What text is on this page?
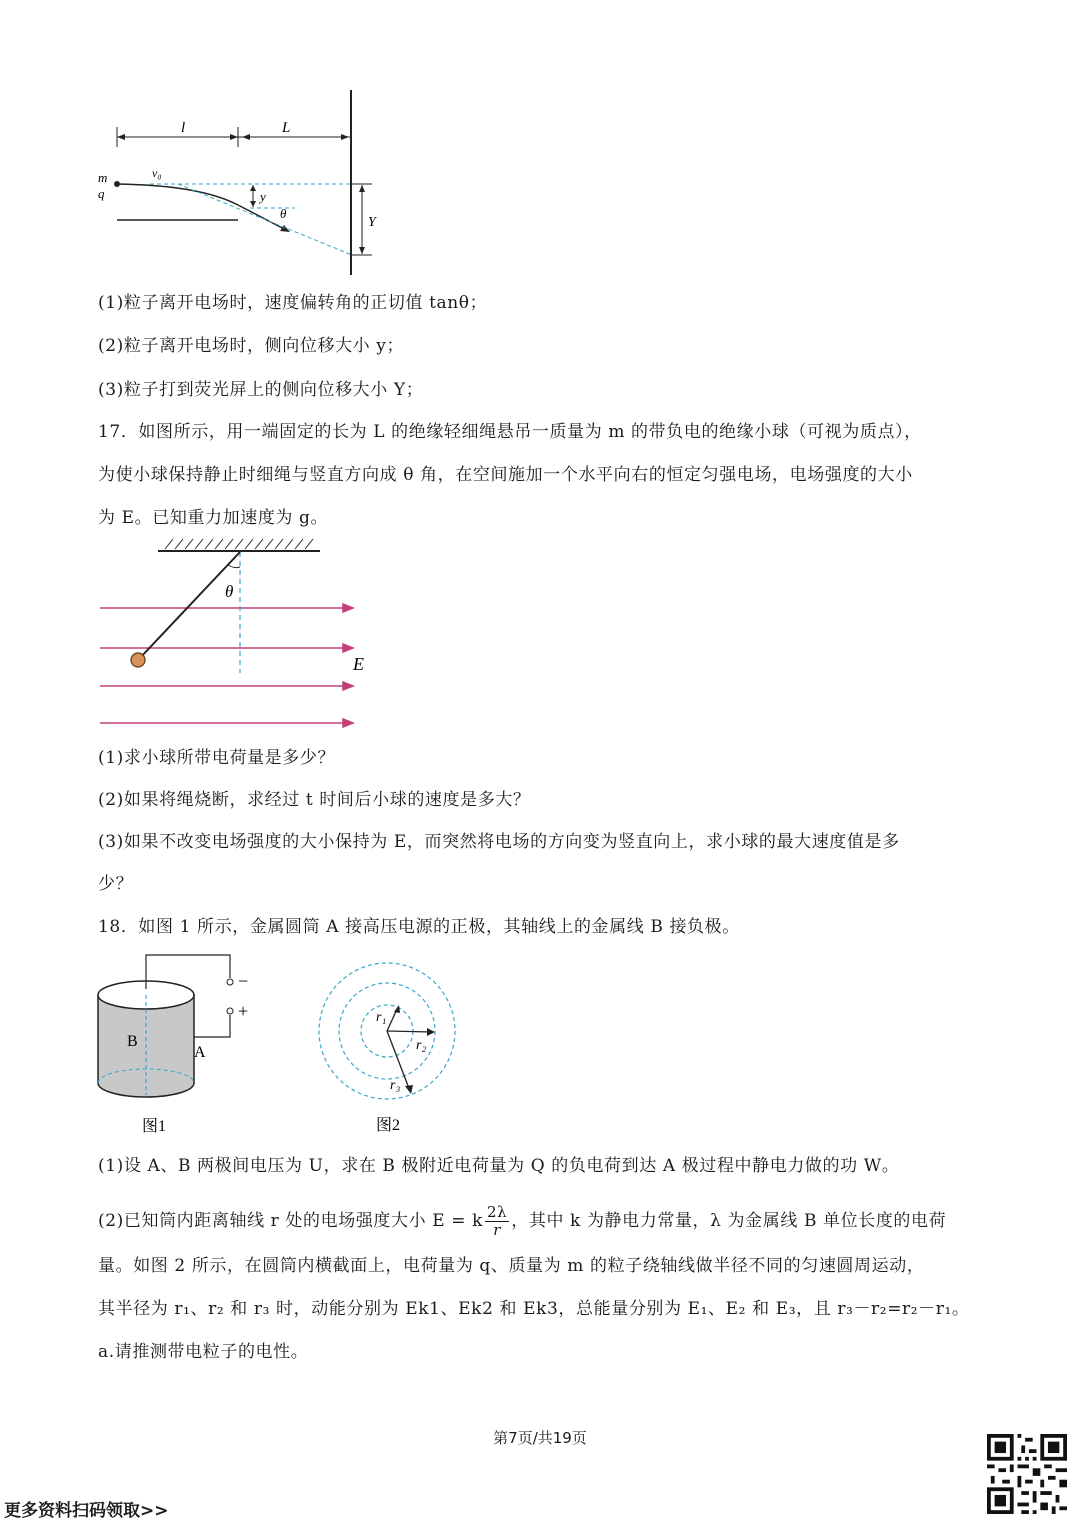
l	L
m
q
v₀
y
θ
Y
(1)粒子离开电场时，速度偏转角的正切值 tanθ；
(2)粒子离开电场时，侧向位移大小 y；
(3)粒子打到荧光屏上的侧向位移大小 Y；
17．如图所示，用一端固定的长为 L 的绝缘轻细绳悬吊一质量为 m 的带负电的绝缘小球（可视为质点），
为使小球保持静止时细绳与竖直方向成 θ 角，在空间施加一个水平向右的恒定匀强电场，电场强度的大小
为 E。已知重力加速度为 g。
θ
E
(1)求小球所带电荷量是多少？
(2)如果将绳烧断，求经过 t 时间后小球的速度是多大？
(3)如果不改变电场强度的大小保持为 E，而突然将电场的方向变为竖直向上，求小球的最大速度值是多
少？
18．如图 1 所示，金属圆筒 A 接高压电源的正极，其轴线上的金属线 B 接负极。
−
+
B
A
图1
r₁
r₂
r₃
图2
(1)设 A、B 两极间电压为 U，求在 B 极附近电荷量为 Q 的负电荷到达 A 极过程中静电力做的功 W。
(2)已知筒内距离轴线 r 处的电场强度大小 E = k $\frac{2\lambda}{r}$ ，其中 k 为静电力常量，λ 为金属线 B 单位长度的电荷
量。如图 2 所示，在圆筒内横截面上，电荷量为 q、质量为 m 的粒子绕轴线做半径不同的匀速圆周运动，
其半径为 r₁、r₂ 和 r₃ 时，动能分别为 Ek1、Ek2 和 Ek3，总能量分别为 E₁、E₂ 和 E₃，且 r₃－r₂=r₂－r₁。
a.请推测带电粒子的电性。
第7页/共19页
更多资料扫码领取>>
